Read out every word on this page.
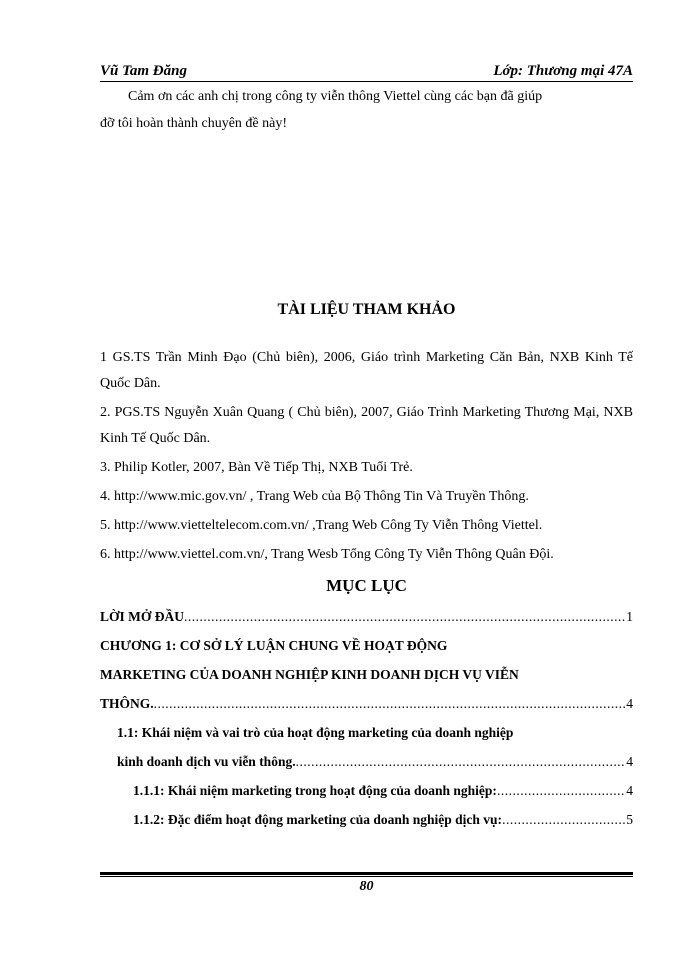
Vũ Tam Đăng	Lớp: Thương mại 47A

Cảm ơn các anh chị trong công ty viễn thông Viettel cùng các bạn đã giúp

đỡ tôi hoàn thành chuyên đề này!

TÀI LIỆU THAM KHẢO

1 GS.TS Trần Minh Đạo (Chủ biên), 2006, Giáo trình Marketing Căn Bản, NXB Kinh Tế Quốc Dân.

2. PGS.TS Nguyễn Xuân Quang ( Chủ biên), 2007, Giáo Trình Marketing Thương Mại, NXB Kinh Tế Quốc Dân.

3. Philip Kotler, 2007, Bàn Về Tiếp Thị, NXB Tuổi Trẻ.

4. http://www.mic.gov.vn/ , Trang Web của Bộ Thông Tin Và Truyền Thông.

5. http://www.vietteltelecom.com.vn/ ,Trang Web Công Ty Viễn Thông Viettel.

6. http://www.viettel.com.vn/, Trang Wesb Tổng Công Ty Viễn Thông Quân Đội.

MỤC LỤC
LỜI MỞ ĐẦU .....	1
CHƯƠNG 1: CƠ SỞ LÝ LUẬN CHUNG VỀ HOẠT ĐỘNG
MARKETING CỦA DOANH NGHIỆP KINH DOANH DỊCH VỤ VIỄN
THÔNG. .....	4
1.1: Khái niệm và vai trò của hoạt động marketing của doanh nghiệp
kinh doanh dịch vu viễn thông. .....	4
1.1.1: Khái niệm marketing trong hoạt động của doanh nghiệp: .....	4
1.1.2: Đặc điểm hoạt động marketing của doanh nghiệp dịch vụ: .....	5
80
